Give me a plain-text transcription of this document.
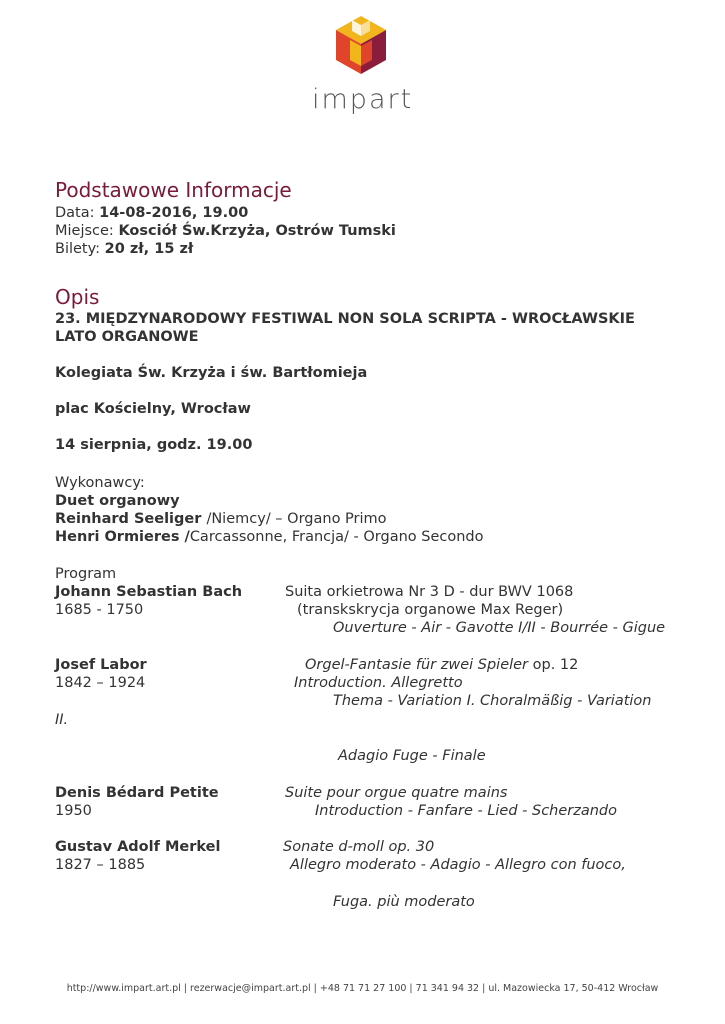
impart
Podstawowe Informacje
Data: 14-08-2016, 19.00
Miejsce: Kosciół Św.Krzyża, Ostrów Tumski
Bilety: 20 zł, 15 zł
Opis
23. MIĘDZYNARODOWY FESTIWAL NON SOLA SCRIPTA - WROCŁAWSKIE
LATO ORGANOWE
Kolegiata Św. Krzyża i św. Bartłomieja
plac Kościelny, Wrocław
14 sierpnia, godz. 19.00
Wykonawcy:
Duet organowy
Reinhard Seeliger /Niemcy/ – Organo Primo
Henri Ormieres /Carcassonne, Francja/ - Organo Secondo
Program
Johann Sebastian Bach
1685 - 1750
Suita orkietrowa Nr 3 D - dur BWV 1068
(transkskrycja organowe Max Reger)
Ouverture - Air - Gavotte I/II - Bourrée - Gigue
Josef Labor
1842 – 1924
Orgel-Fantasie für zwei Spieler op. 12
Introduction. Allegretto
Thema - Variation I. Choralmäßig - Variation
II.
Adagio Fuge - Finale
Denis Bédard Petite
1950
Suite pour orgue quatre mains
Introduction - Fanfare - Lied - Scherzando
Gustav Adolf Merkel
1827 – 1885
Sonate d-moll op. 30
Allegro moderato - Adagio - Allegro con fuoco,
Fuga. più moderato
http://www.impart.art.pl | rezerwacje@impart.art.pl | +48 71 71 27 100 | 71 341 94 32 | ul. Mazowiecka 17, 50-412 Wrocław
